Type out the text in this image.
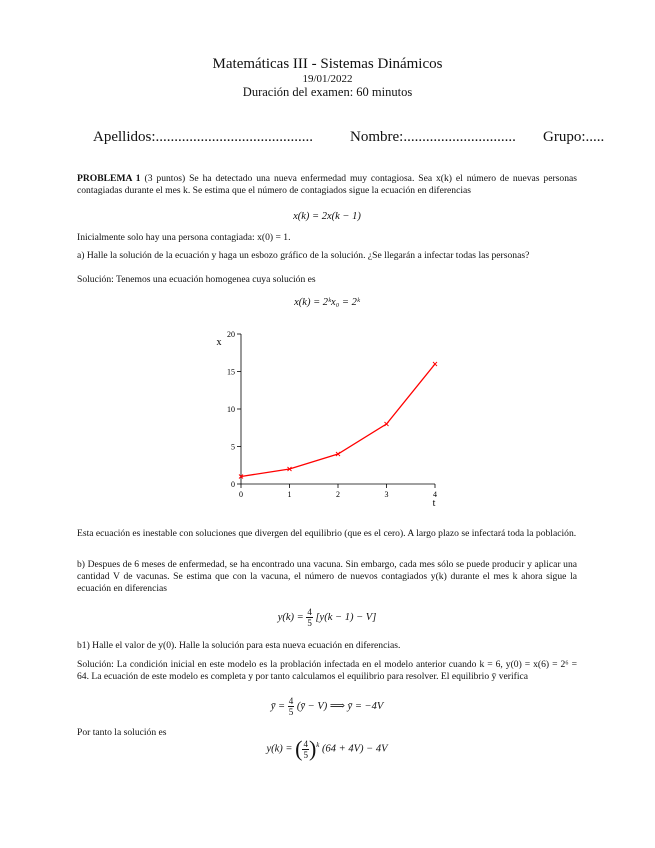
Matemáticas III - Sistemas Dinámicos
19/01/2022
Duración del examen: 60 minutos
Apellidos:.......................................... Nombre:.............................. Grupo:.....
PROBLEMA 1 (3 puntos) Se ha detectado una nueva enfermedad muy contagiosa. Sea x(k) el número de nuevas personas contagiadas durante el mes k. Se estima que el número de contagiados sigue la ecuación en diferencias
x(k) = 2x(k − 1)
Inicialmente solo hay una persona contagiada: x(0) = 1.
a) Halle la solución de la ecuación y haga un esbozo gráfico de la solución. ¿Se llegarán a infectar todas las personas?
Solución: Tenemos una ecuación homogenea cuya solución es
x(k) = 2ᵏx₀ = 2ᵏ
0	1	2	3	4
0
5
10
15
20
t
x
Esta ecuación es inestable con soluciones que divergen del equilibrio (que es el cero). A largo plazo se infectará toda la población.
b) Despues de 6 meses de enfermedad, se ha encontrado una vacuna. Sin embargo, cada mes sólo se puede producir y aplicar una cantidad V de vacunas. Se estima que con la vacuna, el número de nuevos contagiados y(k) durante el mes k ahora sigue la ecuación en diferencias
$y(k) = \frac{4}{5} [y(k - 1) - V]$
b1) Halle el valor de y(0). Halle la solución para esta nueva ecuación en diferencias.
Solución: La condición inicial en este modelo es la problación infectada en el modelo anterior cuando k = 6, y(0) = x(6) = 2⁶ = 64. La ecuación de este modelo es completa y por tanto calculamos el equilibrio para resolver. El equilibrio ȳ verifica
ȳ = $\frac{4}{5}$ (ȳ − V) ⟹ ȳ = −4V
Por tanto la solución es
y(k) = ( $\frac{4}{5} )^k$ (64 + 4V) − 4V
